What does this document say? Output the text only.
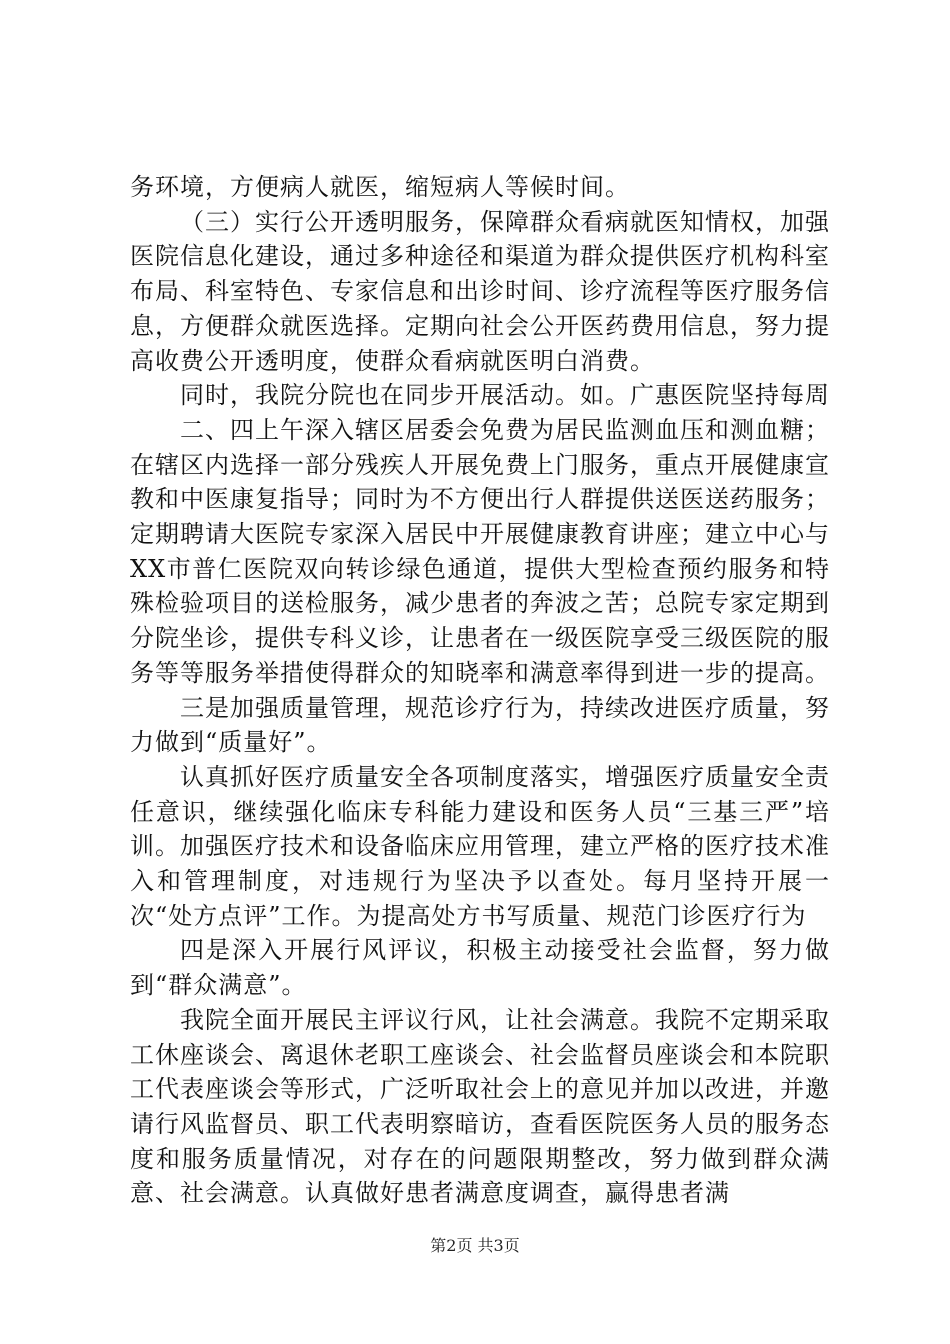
务环境，方便病人就医，缩短病人等候时间。

（三）实行公开透明服务，保障群众看病就医知情权，加强医院信息化建设，通过多种途径和渠道为群众提供医疗机构科室布局、科室特色、专家信息和出诊时间、诊疗流程等医疗服务信息，方便群众就医选择。定期向社会公开医药费用信息，努力提高收费公开透明度，使群众看病就医明白消费。

同时，我院分院也在同步开展活动。如。广惠医院坚持每周

二、四上午深入辖区居委会免费为居民监测血压和测血糖；在辖区内选择一部分残疾人开展免费上门服务，重点开展健康宣教和中医康复指导；同时为不方便出行人群提供送医送药服务；定期聘请大医院专家深入居民中开展健康教育讲座；建立中心与XX市普仁医院双向转诊绿色通道，提供大型检查预约服务和特殊检验项目的送检服务，减少患者的奔波之苦；总院专家定期到分院坐诊，提供专科义诊，让患者在一级医院享受三级医院的服务等等服务举措使得群众的知晓率和满意率得到进一步的提高。

三是加强质量管理，规范诊疗行为，持续改进医疗质量，努力做到“质量好”。

认真抓好医疗质量安全各项制度落实，增强医疗质量安全责任意识，继续强化临床专科能力建设和医务人员“三基三严”培训。加强医疗技术和设备临床应用管理，建立严格的医疗技术准入和管理制度，对违规行为坚决予以查处。每月坚持开展一次“处方点评”工作。为提高处方书写质量、规范门诊医疗行为

四是深入开展行风评议，积极主动接受社会监督，努力做到“群众满意”。

我院全面开展民主评议行风，让社会满意。我院不定期采取工休座谈会、离退休老职工座谈会、社会监督员座谈会和本院职工代表座谈会等形式，广泛听取社会上的意见并加以改进，并邀请行风监督员、职工代表明察暗访，查看医院医务人员的服务态度和服务质量情况，对存在的问题限期整改，努力做到群众满意、社会满意。认真做好患者满意度调查，赢得患者满

第2页 共3页
